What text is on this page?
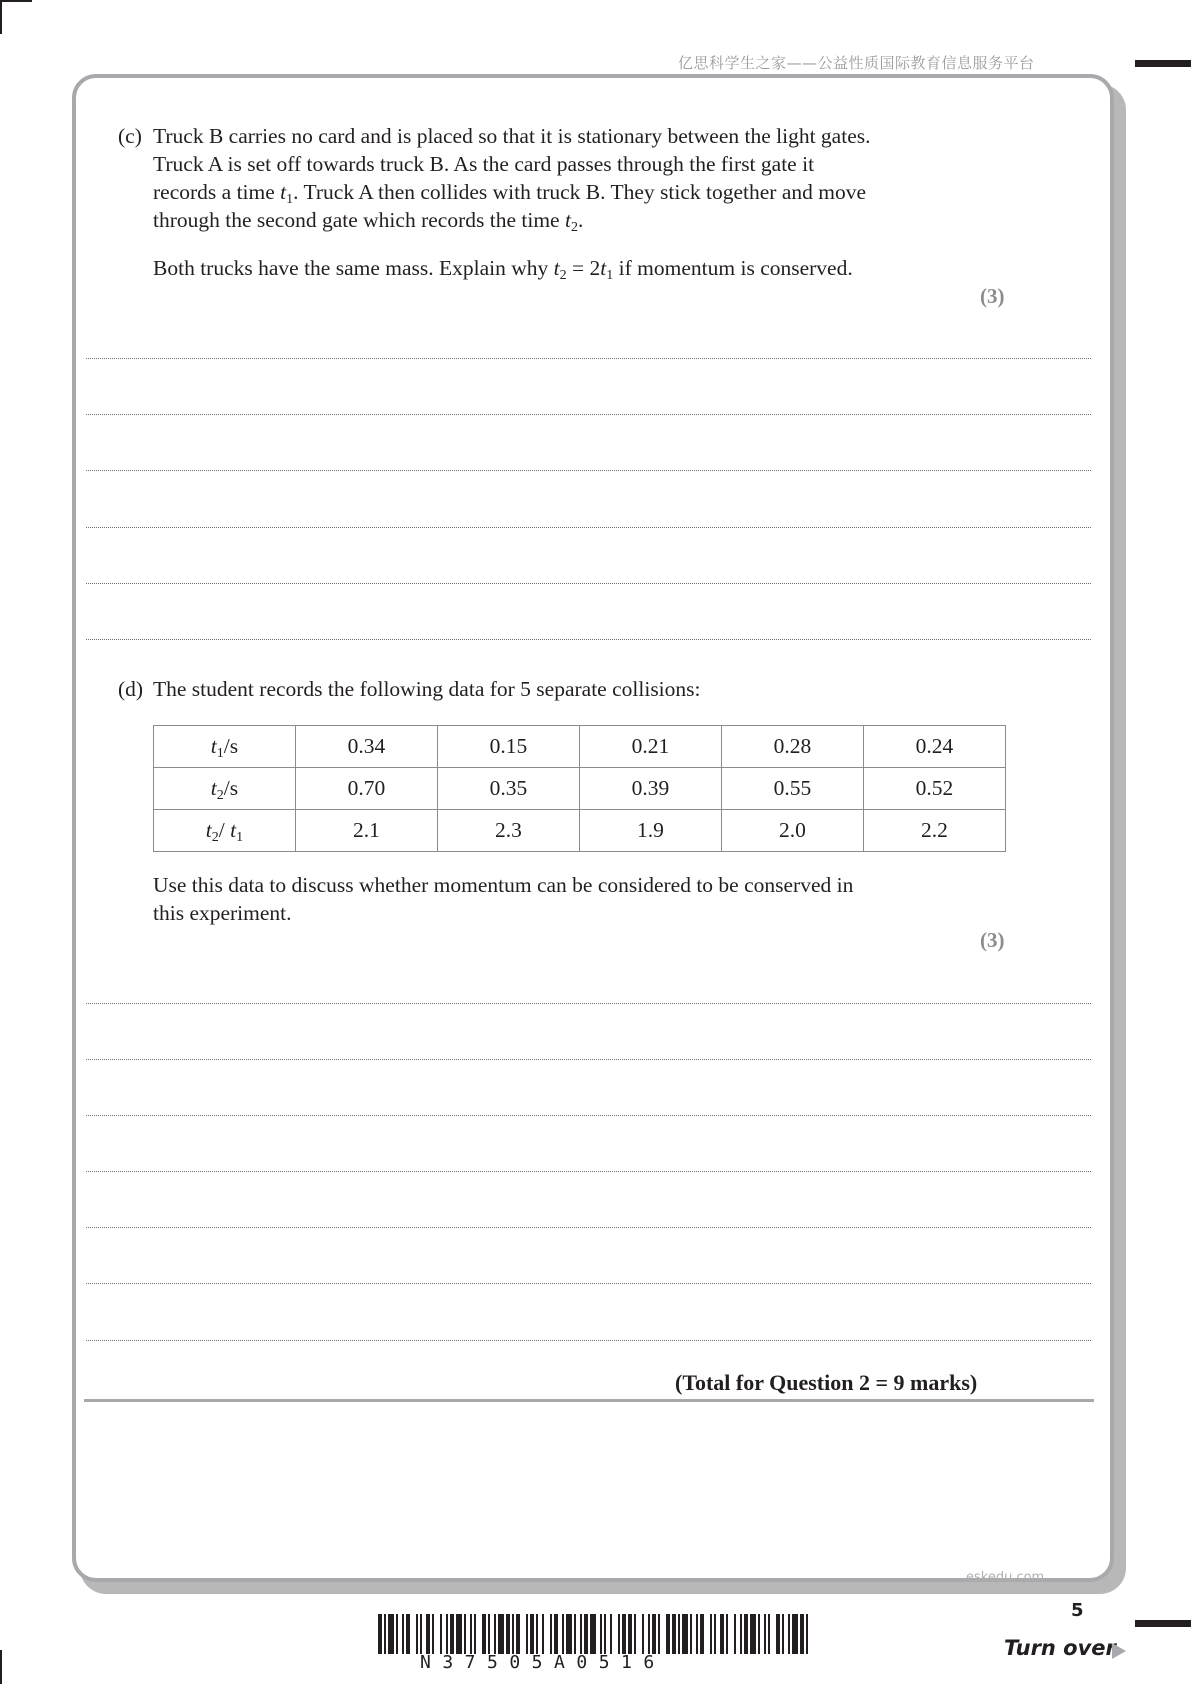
亿思科学生之家——公益性质国际教育信息服务平台
(c) Truck B carries no card and is placed so that it is stationary between the light gates.
Truck A is set off towards truck B. As the card passes through the first gate it
records a time $t_1$. Truck A then collides with truck B. They stick together and move
through the second gate which records the time $t_2$.
Both trucks have the same mass. Explain why $t_2 = 2t_1$ if momentum is conserved.
(3)
(d) The student records the following data for 5 separate collisions:
$t_1/s$	0.34	0.15	0.21	0.28	0.24
$t_2/s$	0.70	0.35	0.39	0.55	0.52
$t_2/$ $t_1$	2.1	2.3	1.9	2.0	2.2
Use this data to discuss whether momentum can be considered to be conserved in
this experiment.
(3)
(Total for Question 2 = 9 marks)
eskedu.com
5
N37505A0516
Turn over
